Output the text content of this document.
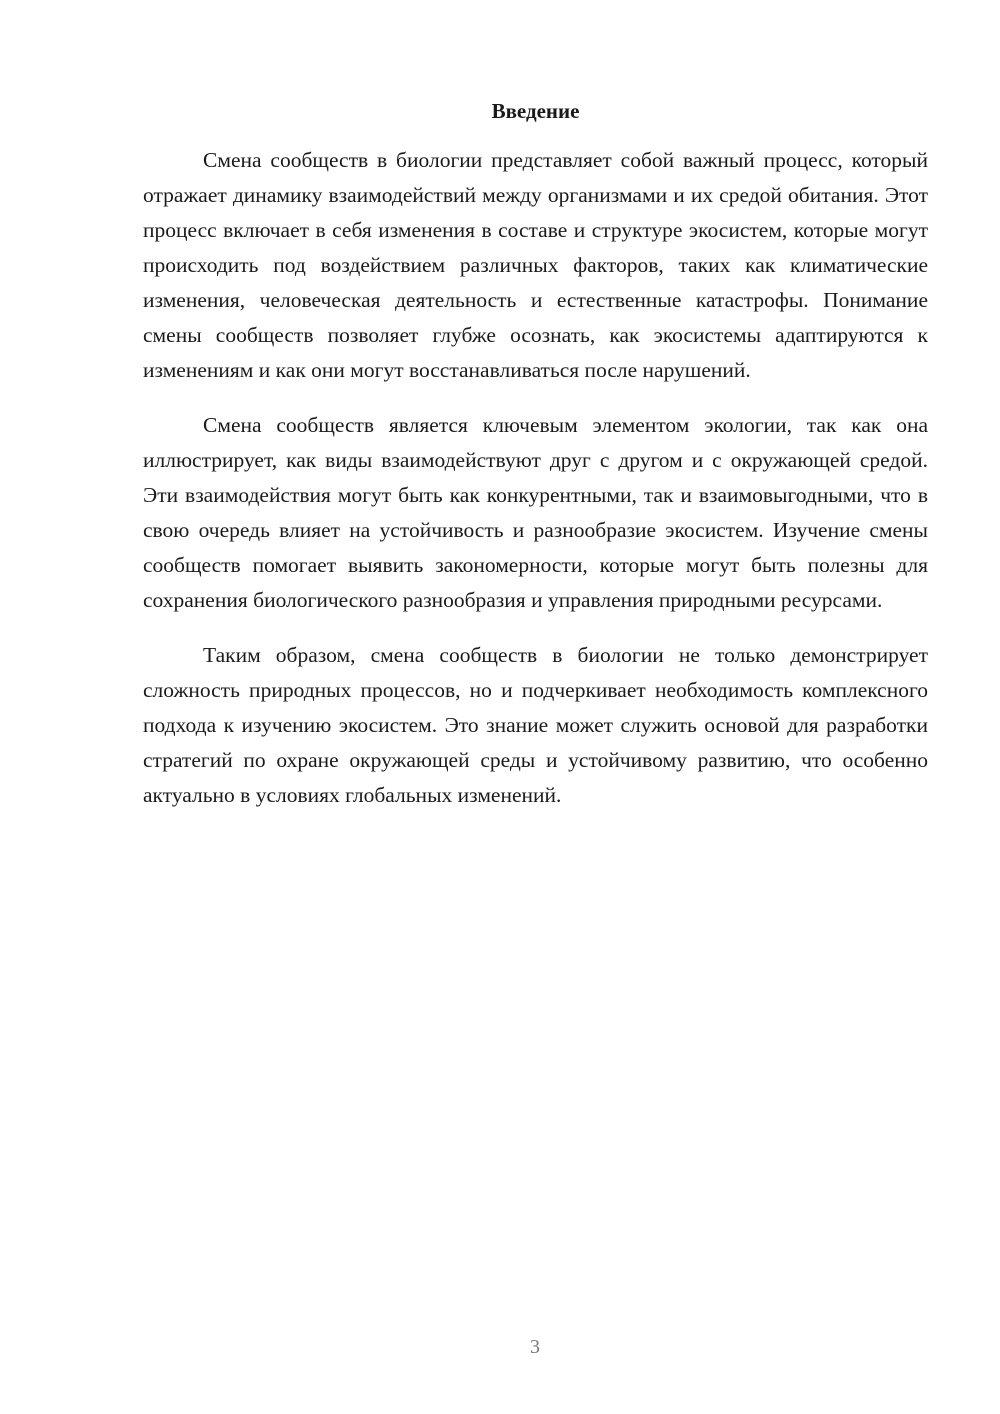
Введение

Смена сообществ в биологии представляет собой важный процесс, который отражает динамику взаимодействий между организмами и их средой обитания. Этот процесс включает в себя изменения в составе и структуре экосистем, которые могут происходить под воздействием различных факторов, таких как климатические изменения, человеческая деятельность и естественные катастрофы. Понимание смены сообществ позволяет глубже осознать, как экосистемы адаптируются к изменениям и как они могут восстанавливаться после нарушений.

Смена сообществ является ключевым элементом экологии, так как она иллюстрирует, как виды взаимодействуют друг с другом и с окружающей средой. Эти взаимодействия могут быть как конкурентными, так и взаимовыгодными, что в свою очередь влияет на устойчивость и разнообразие экосистем. Изучение смены сообществ помогает выявить закономерности, которые могут быть полезны для сохранения биологического разнообразия и управления природными ресурсами.

Таким образом, смена сообществ в биологии не только демонстрирует сложность природных процессов, но и подчеркивает необходимость комплексного подхода к изучению экосистем. Это знание может служить основой для разработки стратегий по охране окружающей среды и устойчивому развитию, что особенно актуально в условиях глобальных изменений.

3
